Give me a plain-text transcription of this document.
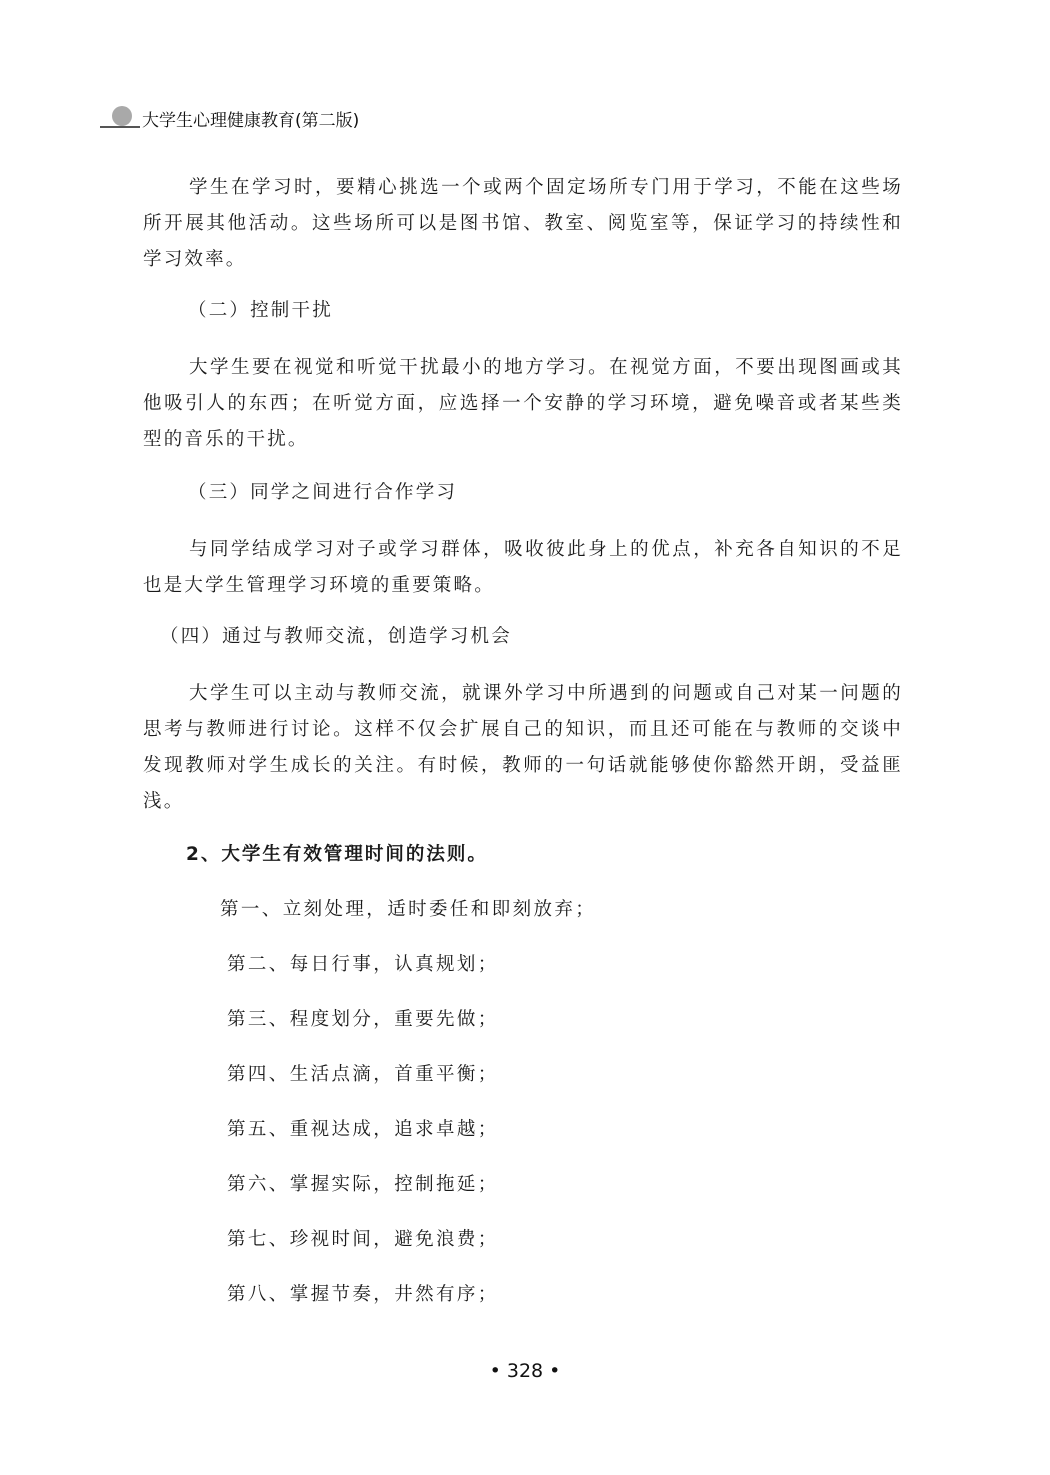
大学生心理健康教育(第二版)

学生在学习时，要精心挑选一个或两个固定场所专门用于学习，不能在这些场所开展其他活动。这些场所可以是图书馆、教室、阅览室等，保证学习的持续性和学习效率。

（二）控制干扰

大学生要在视觉和听觉干扰最小的地方学习。在视觉方面，不要出现图画或其他吸引人的东西；在听觉方面，应选择一个安静的学习环境，避免噪音或者某些类型的音乐的干扰。

（三）同学之间进行合作学习

与同学结成学习对子或学习群体，吸收彼此身上的优点，补充各自知识的不足也是大学生管理学习环境的重要策略。

（四）通过与教师交流，创造学习机会

大学生可以主动与教师交流，就课外学习中所遇到的问题或自己对某一问题的思考与教师进行讨论。这样不仅会扩展自己的知识，而且还可能在与教师的交谈中发现教师对学生成长的关注。有时候，教师的一句话就能够使你豁然开朗，受益匪浅。

2、大学生有效管理时间的法则。

第一、立刻处理，适时委任和即刻放弃；

第二、每日行事，认真规划；

第三、程度划分，重要先做；

第四、生活点滴，首重平衡；

第五、重视达成，追求卓越；

第六、掌握实际，控制拖延；

第七、珍视时间，避免浪费；

第八、掌握节奏，井然有序；

• 328 •
